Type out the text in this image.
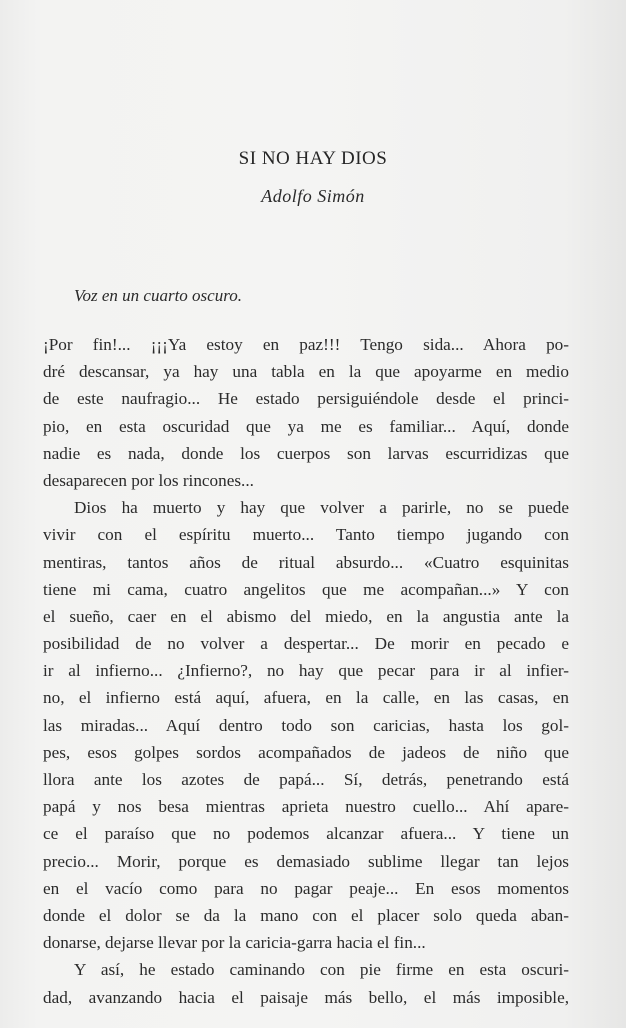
SI NO HAY DIOS
Adolfo Simón
Voz en un cuarto oscuro.
¡Por fin!... ¡¡¡Ya estoy en paz!!! Tengo sida... Ahora po-
dré descansar, ya hay una tabla en la que apoyarme en medio
de este naufragio... He estado persiguiéndole desde el princi-
pio, en esta oscuridad que ya me es familiar... Aquí, donde
nadie es nada, donde los cuerpos son larvas escurridizas que
desaparecen por los rincones...
Dios ha muerto y hay que volver a parirle, no se puede
vivir con el espíritu muerto... Tanto tiempo jugando con
mentiras, tantos años de ritual absurdo... «Cuatro esquinitas
tiene mi cama, cuatro angelitos que me acompañan...» Y con
el sueño, caer en el abismo del miedo, en la angustia ante la
posibilidad de no volver a despertar... De morir en pecado e
ir al infierno... ¿Infierno?, no hay que pecar para ir al infier-
no, el infierno está aquí, afuera, en la calle, en las casas, en
las miradas... Aquí dentro todo son caricias, hasta los gol-
pes, esos golpes sordos acompañados de jadeos de niño que
llora ante los azotes de papá... Sí, detrás, penetrando está
papá y nos besa mientras aprieta nuestro cuello... Ahí apare-
ce el paraíso que no podemos alcanzar afuera... Y tiene un
precio... Morir, porque es demasiado sublime llegar tan lejos
en el vacío como para no pagar peaje... En esos momentos
donde el dolor se da la mano con el placer solo queda aban-
donarse, dejarse llevar por la caricia-garra hacia el fin...
Y así, he estado caminando con pie firme en esta oscuri-
dad, avanzando hacia el paisaje más bello, el más imposible,
